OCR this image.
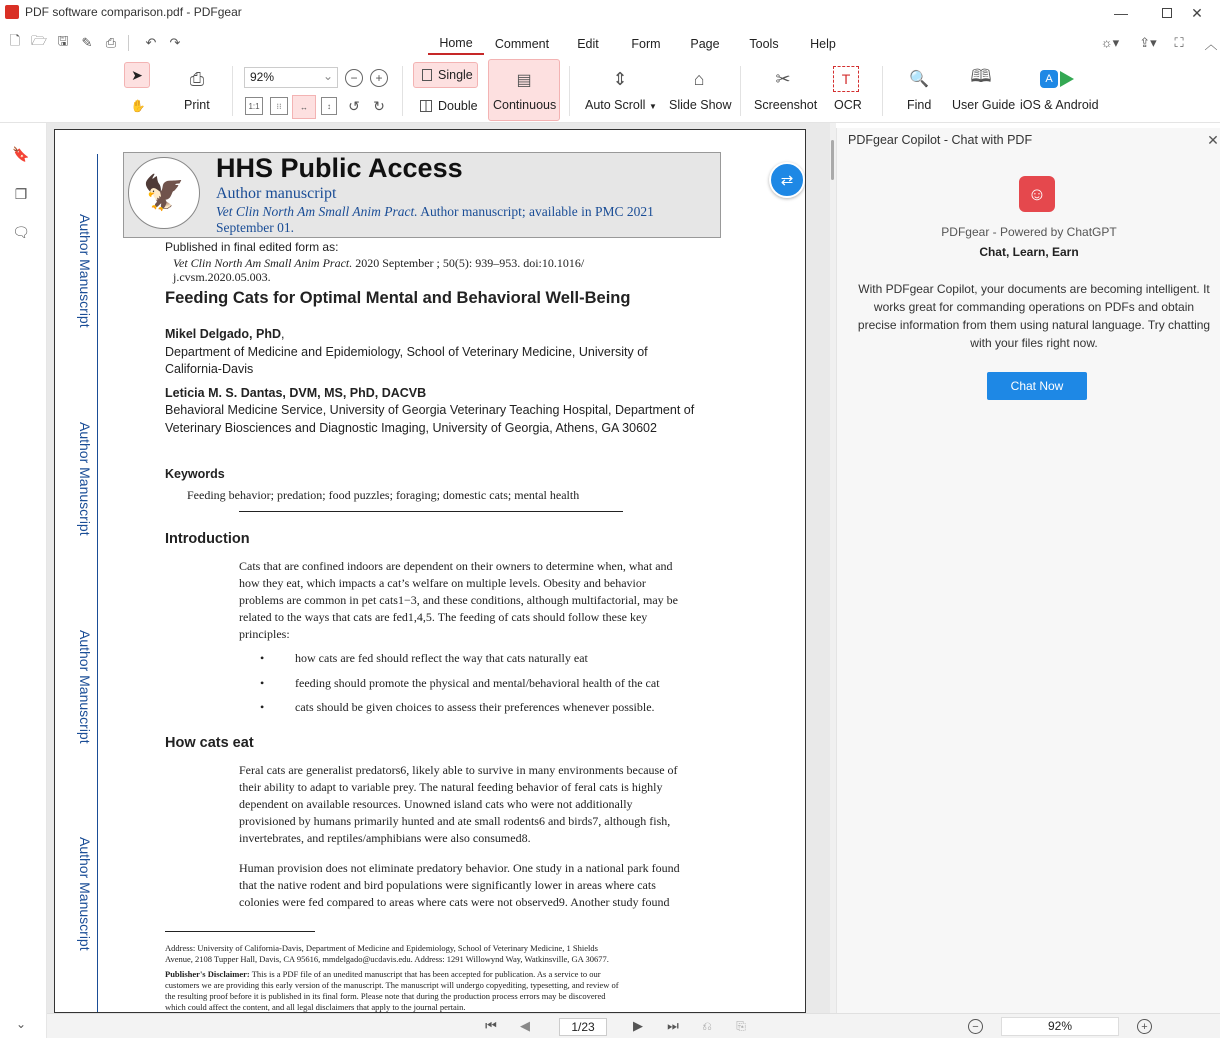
PDF software comparison.pdf - PDFgear	—	✕
🗋 🗁 🖫 ✎ ⎙ ↶ ↷	Home	Comment	Edit	Form	Page	Tools	Help	☼▾ ⇪▾ ⛶ ︿
➤
✋
⎙
Print
92%	⌄ − +
1:1 ⁝⁝ ↔ ↕ ↺ ↻
Single
Double
▤
Continuous
⇕
Auto Scroll ▼
⌂
Slide Show
✂
Screenshot
T
OCR
🔍
Find
🕮
User Guide
A
iOS & Android
🔖
❐
🗨
⌄
Author Manuscript
Author Manuscript
Author Manuscript
Author Manuscript
🦅
HHS Public Access
Author manuscript
Vet Clin North Am Small Anim Pract. Author manuscript; available in PMC 2021
September 01.
⇄
Published in final edited form as:
Vet Clin North Am Small Anim Pract. 2020 September ; 50(5): 939–953. doi:10.1016/
j.cvsm.2020.05.003.
Feeding Cats for Optimal Mental and Behavioral Well-Being
Mikel Delgado, PhD,
Department of Medicine and Epidemiology, School of Veterinary Medicine, University of
California-Davis
Leticia M. S. Dantas, DVM, MS, PhD, DACVB
Behavioral Medicine Service, University of Georgia Veterinary Teaching Hospital, Department of
Veterinary Biosciences and Diagnostic Imaging, University of Georgia, Athens, GA 30602
Keywords
Feeding behavior; predation; food puzzles; foraging; domestic cats; mental health
Introduction
Cats that are confined indoors are dependent on their owners to determine when, what and
how they eat, which impacts a cat’s welfare on multiple levels. Obesity and behavior
problems are common in pet cats1−3, and these conditions, although multifactorial, may be
related to the ways that cats are fed1,4,5. The feeding of cats should follow these key
principles:
•	how cats are fed should reflect the way that cats naturally eat
•	feeding should promote the physical and mental/behavioral health of the cat
•	cats should be given choices to assess their preferences whenever possible.
How cats eat
Feral cats are generalist predators6, likely able to survive in many environments because of
their ability to adapt to variable prey. The natural feeding behavior of feral cats is highly
dependent on available resources. Unowned island cats who were not additionally
provisioned by humans primarily hunted and ate small rodents6 and birds7, although fish,
invertebrates, and reptiles/amphibians were also consumed8.
Human provision does not eliminate predatory behavior. One study in a national park found
that the native rodent and bird populations were significantly lower in areas where cats
colonies were fed compared to areas where cats were not observed9. Another study found
Address: University of California-Davis, Department of Medicine and Epidemiology, School of Veterinary Medicine, 1 Shields
Avenue, 2108 Tupper Hall, Davis, CA 95616, mmdelgado@ucdavis.edu. Address: 1291 Willowynd Way, Watkinsville, GA 30677.
Publisher's Disclaimer: This is a PDF file of an unedited manuscript that has been accepted for publication. As a service to our
customers we are providing this early version of the manuscript. The manuscript will undergo copyediting, typesetting, and review of
the resulting proof before it is published in its final form. Please note that during the production process errors may be discovered
which could affect the content, and all legal disclaimers that apply to the journal pertain.
PDFgear Copilot - Chat with PDF	✕
☺
PDFgear - Powered by ChatGPT
Chat, Learn, Earn
With PDFgear Copilot, your documents are becoming intelligent. It
works great for commanding operations on PDFs and obtain
precise information from them using natural language. Try chatting
with your files right now.
Chat Now
⏮ ◀	1/23	▶ ⏭ ⎌ ⎘	−	92%	+
